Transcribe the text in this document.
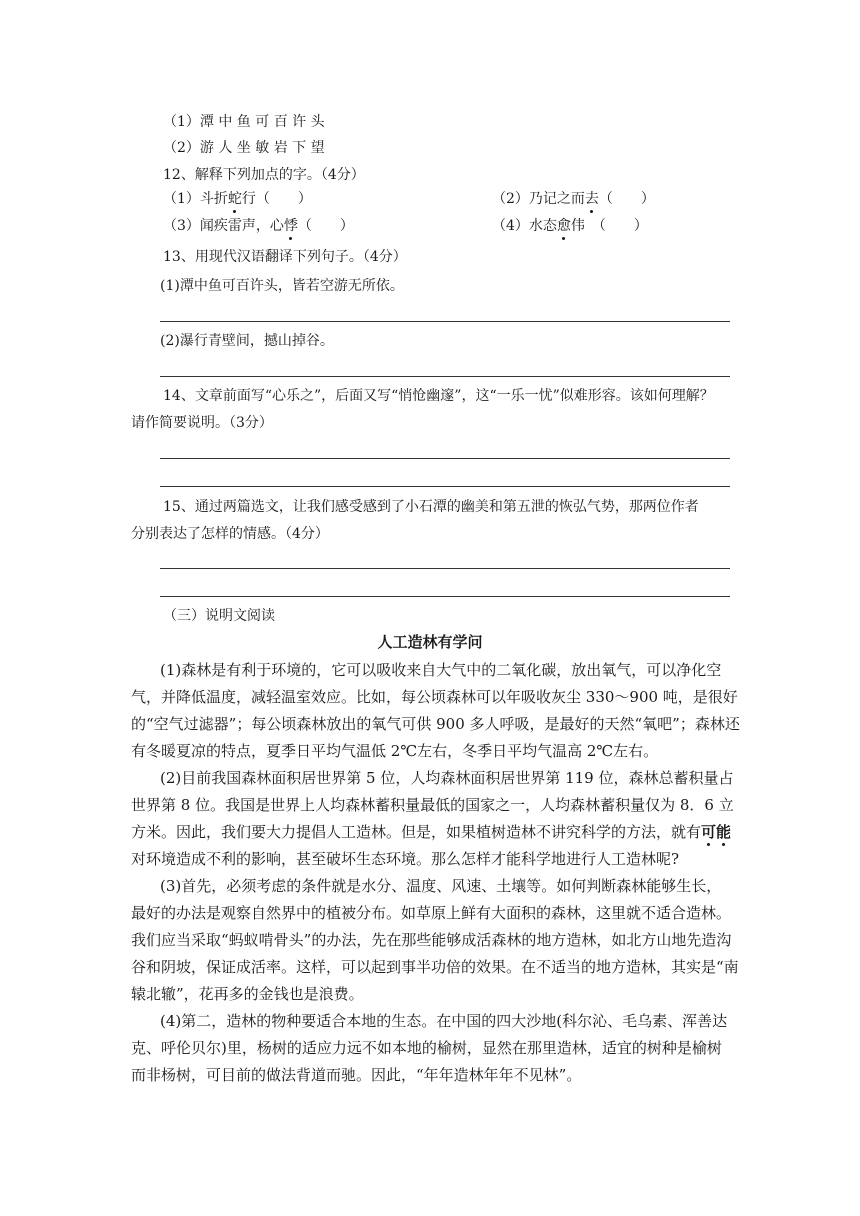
（1）潭 中 鱼 可 百 许 头
（2）游 人 坐 敏 岩 下 望
12、解释下列加点的字。（4分）
（1）斗折蛇行（　　）	（2）乃记之而去（　　）
（3）闻疾雷声，心悸（　　）	（4）水态愈伟　（　　）
13、用现代汉语翻译下列句子。（4分）
(1)潭中鱼可百许头，皆若空游无所依。
(2)瀑行青壁间，撼山掉谷。
14、文章前面写“心乐之”，后面又写“悄怆幽邃”，这“一乐一忧”似难形容。该如何理解？
请作简要说明。（3分）
15、通过两篇选文，让我们感受感到了小石潭的幽美和第五泄的恢弘气势，那两位作者
分别表达了怎样的情感。（4分）
（三）说明文阅读
人工造林有学问
(1)森林是有利于环境的，它可以吸收来自大气中的二氧化碳，放出氧气，可以净化空
气，并降低温度，减轻温室效应。比如，每公顷森林可以年吸收灰尘 330～900 吨，是很好
的“空气过滤器”；每公顷森林放出的氧气可供 900 多人呼吸，是最好的天然“氧吧”；森林还
有冬暖夏凉的特点，夏季日平均气温低 2℃左右，冬季日平均气温高 2℃左右。
(2)目前我国森林面积居世界第 5 位，人均森林面积居世界第 119 位，森林总蓄积量占
世界第 8 位。我国是世界上人均森林蓄积量最低的国家之一，人均森林蓄积量仅为 8．6 立
方米。因此，我们要大力提倡人工造林。但是，如果植树造林不讲究科学的方法，就有可能
对环境造成不利的影响，甚至破坏生态环境。那么怎样才能科学地进行人工造林呢?
(3)首先，必须考虑的条件就是水分、温度、风速、土壤等。如何判断森林能够生长，
最好的办法是观察自然界中的植被分布。如草原上鲜有大面积的森林，这里就不适合造林。
我们应当采取“蚂蚁啃骨头”的办法，先在那些能够成活森林的地方造林，如北方山地先造沟
谷和阴坡，保证成活率。这样，可以起到事半功倍的效果。在不适当的地方造林，其实是“南
辕北辙”，花再多的金钱也是浪费。
(4)第二，造林的物种要适合本地的生态。在中国的四大沙地(科尔沁、毛乌素、浑善达
克、呼伦贝尔)里，杨树的适应力远不如本地的榆树，显然在那里造林，适宜的树种是榆树
而非杨树，可目前的做法背道而驰。因此，“年年造林年年不见林”。
